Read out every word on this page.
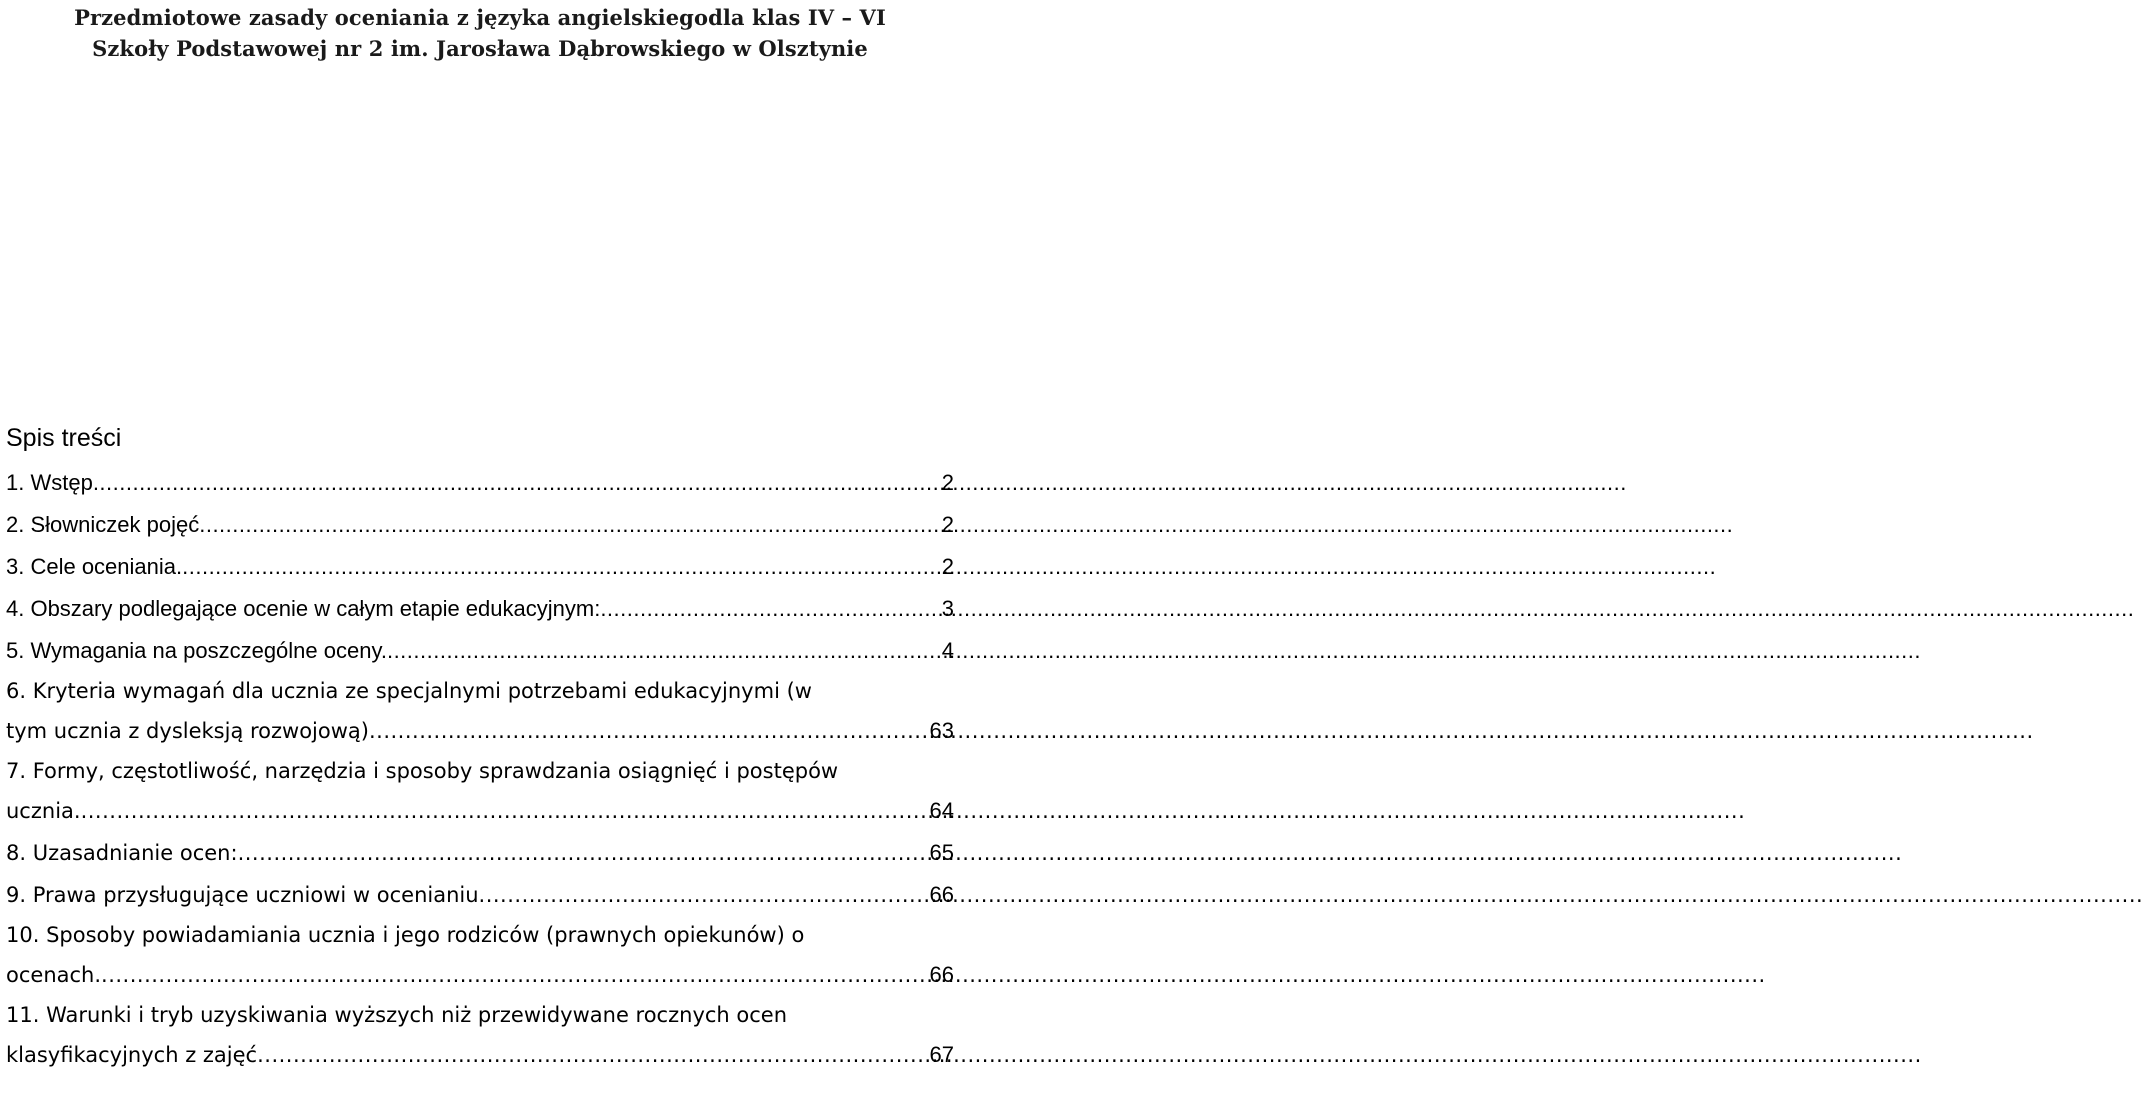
Przedmiotowe zasady oceniania z języka angielskiegodla klas IV – VI
Szkoły Podstawowej nr 2 im. Jarosława Dąbrowskiego w Olsztynie
Spis treści
1. Wstęp .....	2
2. Słowniczek pojęć .....	2
3. Cele oceniania. .....	2
4. Obszary podlegające ocenie w całym etapie edukacyjnym: .....	3
5. Wymagania na poszczególne oceny. .....	4
6. Kryteria wymagań dla ucznia ze specjalnymi potrzebami edukacyjnymi (w
tym ucznia z dysleksją rozwojową) .....	63
7. Formy, częstotliwość, narzędzia i sposoby sprawdzania osiągnięć i postępów
ucznia. .....	64
8. Uzasadnianie ocen: .....	65
9. Prawa przysługujące uczniowi w ocenianiu .....	66
10. Sposoby powiadamiania ucznia i jego rodziców (prawnych opiekunów) o
ocenach. .....	66
11. Warunki i tryb uzyskiwania wyższych niż przewidywane rocznych ocen
klasyfikacyjnych z zajęć .....	67
